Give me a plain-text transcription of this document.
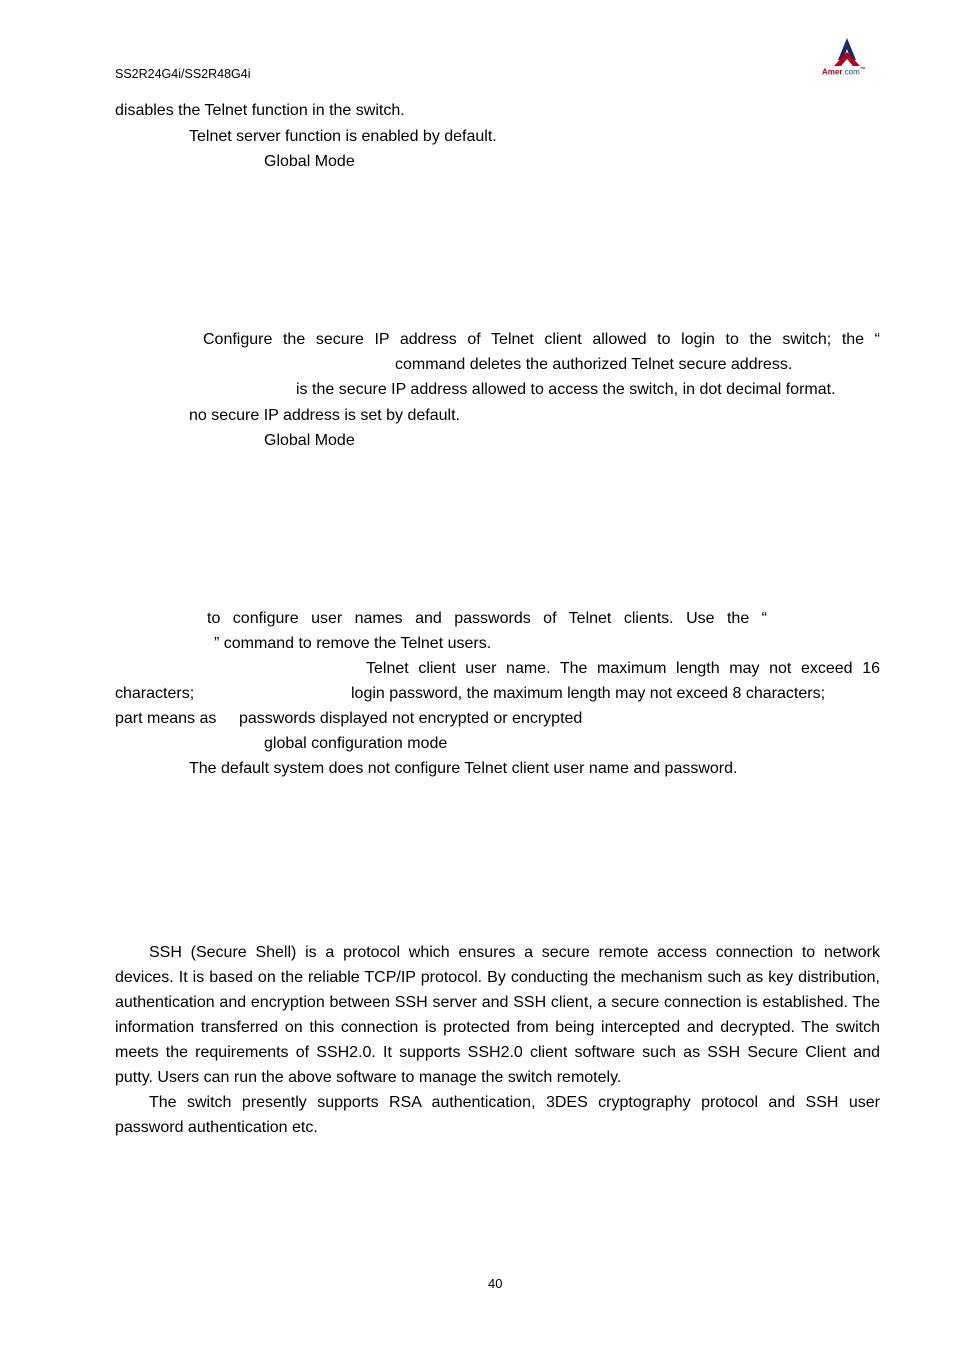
SS2R24G4i/SS2R48G4i	Amer.com™
disables the Telnet function in the switch.
Telnet server function is enabled by default.
Global Mode
Configure the secure IP address of Telnet client allowed to login to the switch; the “
command deletes the authorized Telnet secure address.
is the secure IP address allowed to access the switch, in dot decimal format.
no secure IP address is set by default.
Global Mode
to configure user names and passwords of Telnet clients. Use the “
” command to remove the Telnet users.
Telnet client user name. The maximum length may not exceed 16
characters;	login password, the maximum length may not exceed 8 characters;
part means as passwords displayed not encrypted or encrypted
global configuration mode
The default system does not configure Telnet client user name and password.
SSH (Secure Shell) is a protocol which ensures a secure remote access connection to network devices. It is based on the reliable TCP/IP protocol. By conducting the mechanism such as key distribution, authentication and encryption between SSH server and SSH client, a secure connection is established. The information transferred on this connection is protected from being intercepted and decrypted. The switch meets the requirements of SSH2.0. It supports SSH2.0 client software such as SSH Secure Client and putty. Users can run the above software to manage the switch remotely.
The switch presently supports RSA authentication, 3DES cryptography protocol and SSH user password authentication etc.
40
